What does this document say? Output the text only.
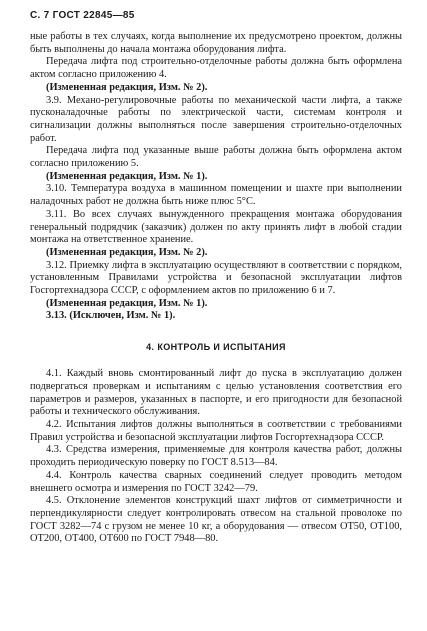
С. 7 ГОСТ 22845—85

ные работы в тех случаях, когда выполнение их предусмотрено проектом, должны быть выполнены до начала монтажа оборудования лифта.

Передача лифта под строительно-отделочные работы должна быть оформлена актом согласно приложению 4.

(Измененная редакция, Изм. № 2).

3.9. Механо-регулировочные работы по механической части лифта, а также пусконаладочные работы по электрической части, системам контроля и сигнализации должны выполняться после завершения строительно-отделочных работ.

Передача лифта под указанные выше работы должна быть оформлена актом согласно приложению 5.

(Измененная редакция, Изм. № 1).

3.10. Температура воздуха в машинном помещении и шахте при выполнении наладочных работ не должна быть ниже плюс 5°С.

3.11. Во всех случаях вынужденного прекращения монтажа оборудования генеральный подрядчик (заказчик) должен по акту принять лифт в любой стадии монтажа на ответственное хранение.

(Измененная редакция, Изм. № 2).

3.12. Приемку лифта в эксплуатацию осуществляют в соответствии с порядком, установленным Правилами устройства и безопасной эксплуатации лифтов Госгортехнадзора СССР, с оформлением актов по приложению 6 и 7.

(Измененная редакция, Изм. № 1).

3.13. (Исключен, Изм. № 1).

4. КОНТРОЛЬ И ИСПЫТАНИЯ

4.1. Каждый вновь смонтированный лифт до пуска в эксплуатацию должен подвергаться проверкам и испытаниям с целью установления соответствия его параметров и размеров, указанных в паспорте, и его пригодности для безопасной работы и технического обслуживания.

4.2. Испытания лифтов должны выполняться в соответствии с требованиями Правил устройства и безопасной эксплуатации лифтов Госгортехнадзора СССР.

4.3. Средства измерения, применяемые для контроля качества работ, должны проходить периодическую поверку по ГОСТ 8.513—84.

4.4. Контроль качества сварных соединений следует проводить методом внешнего осмотра и измерения по ГОСТ 3242—79.

4.5. Отклонение элементов конструкций шахт лифтов от симметричности и перпендикулярности следует контролировать отвесом на стальной проволоке по ГОСТ 3282—74 с грузом не менее 10 кг, а оборудования — отвесом ОТ50, ОТ100, ОТ200, ОТ400, ОТ600 по ГОСТ 7948—80.
